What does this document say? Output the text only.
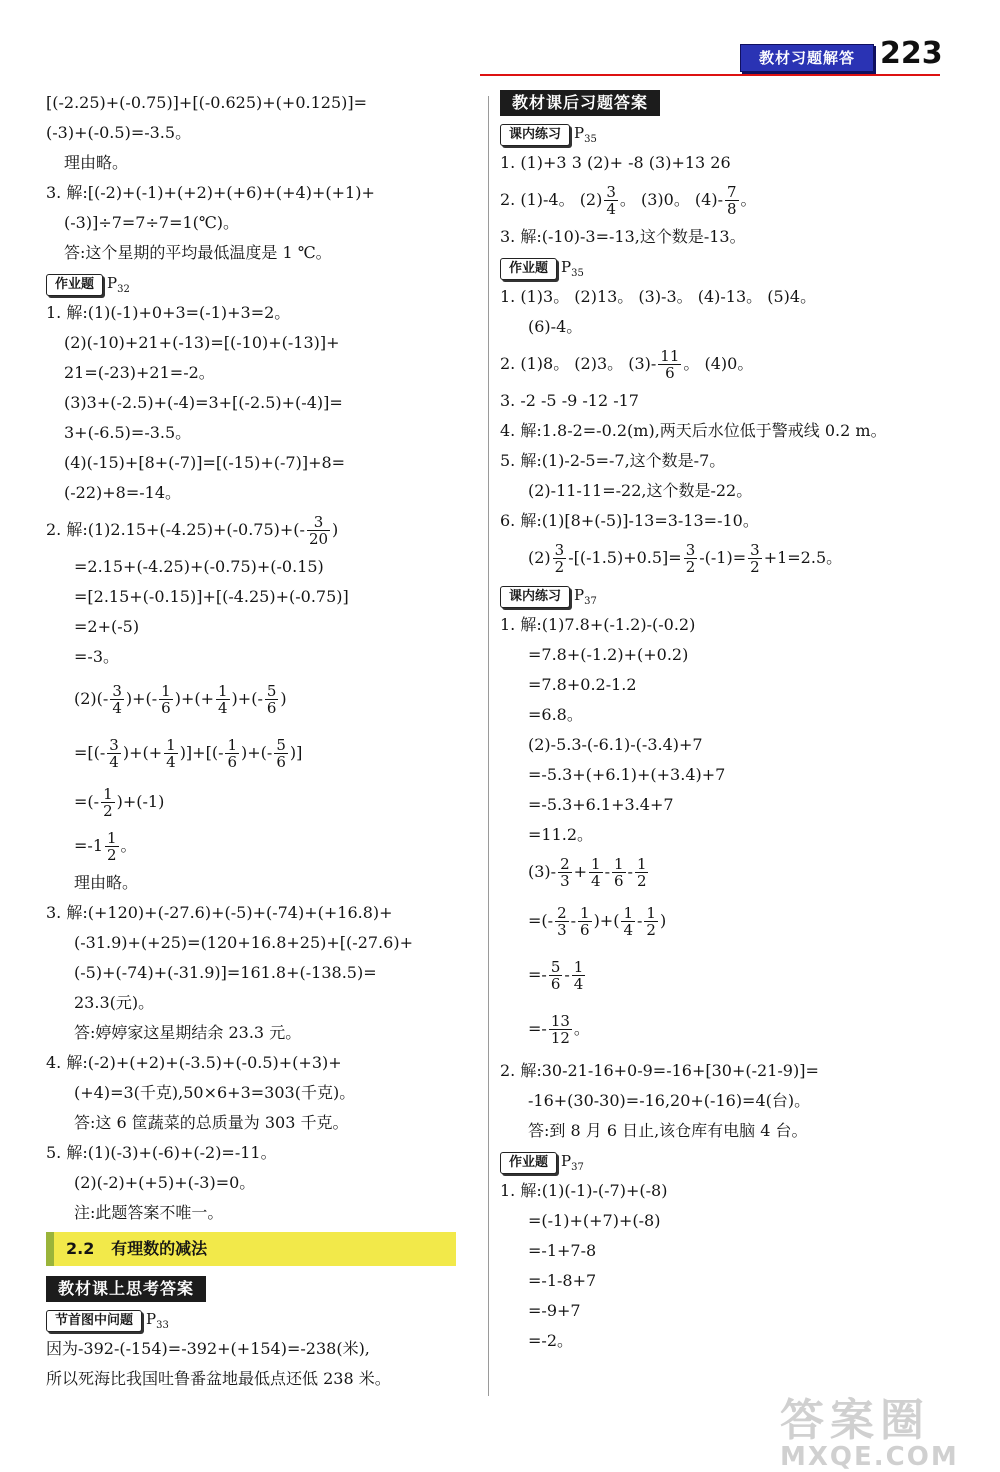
教材习题解答 223
[(-2.25)+(-0.75)]+[(-0.625)+(+0.125)]=
(-3)+(-0.5)=-3.5。
理由略。
3. 解:[(-2)+(-1)+(+2)+(+6)+(+4)+(+1)+
(-3)]÷7=7÷7=1(℃)。
答:这个星期的平均最低温度是 1 ℃。
作业题 $P_{32}$
1. 解:(1)(-1)+0+3=(-1)+3=2。
(2)(-10)+21+(-13)=[(-10)+(-13)]+
21=(-23)+21=-2。
(3)3+(-2.5)+(-4)=3+[(-2.5)+(-4)]=
3+(-6.5)=-3.5。
(4)(-15)+[8+(-7)]=[(-15)+(-7)]+8=
(-22)+8=-14。
2. 解:(1)2.15+(-4.25)+(-0.75)+(- $\frac{3}{20}$ )
=2.15+(-4.25)+(-0.75)+(-0.15)
=[2.15+(-0.15)]+[(-4.25)+(-0.75)]
=2+(-5)
=-3。
$(2)(- \frac{3}{4}$ )+(- $\frac{1}{6}$ )+(+ $\frac{1}{4}$ )+(- $\frac{5}{6}$ )
=[(- $\frac{3}{4}$ )+(+ $\frac{1}{4}$ )]+[(- $\frac{1}{6}$ )+(- $\frac{5}{6}$ )]
=(- $\frac{1}{2} )+(-1)$
$=-1 \frac{1}{2}$ 。
理由略。
3. 解:(+120)+(-27.6)+(-5)+(-74)+(+16.8)+
(-31.9)+(+25)=(120+16.8+25)+[(-27.6)+
(-5)+(-74)+(-31.9)]=161.8+(-138.5)=
23.3(元)。
答:婷婷家这星期结余 23.3 元。
4. 解:(-2)+(+2)+(-3.5)+(-0.5)+(+3)+
(+4)=3(千克),50×6+3=303(千克)。
答:这 6 筐蔬菜的总质量为 303 千克。
5. 解:(1)(-3)+(-6)+(-2)=-11。
(2)(-2)+(+5)+(-3)=0。
注:此题答案不唯一。
2.2 有理数的减法
教材课上思考答案
节首图中问题 $P_{33}$
因为-392-(-154)=-392+(+154)=-238(米),
所以死海比我国吐鲁番盆地最低点还低 238 米。
教材课后习题答案
课内练习 $P_{35}$
1. (1)+3 3 (2)+ -8 (3)+13 26
2. (1)-4。 $(2) \frac{3}{4}$ 。 (3)0。 $(4)- \frac{7}{8}$ 。
3. 解:(-10)-3=-13,这个数是-13。
作业题 $P_{35}$
1. (1)3。 (2)13。 (3)-3。 (4)-13。 (5)4。
(6)-4。
2. (1)8。 (2)3。 $(3)- \frac{11}{6}$ 。 (4)0。
3. -2 -5 -9 -12 -17
4. 解:1.8-2=-0.2(m),两天后水位低于警戒线 0.2 m。
5. 解:(1)-2-5=-7,这个数是-7。
(2)-11-11=-22,这个数是-22。
6. 解:(1)[8+(-5)]-13=3-13=-10。
$(2) \frac{3}{2} -[(-1.5)+0.5]= \frac{3}{2} -(-1)= \frac{3}{2} +1=2.5$。
课内练习 $P_{37}$
1. 解:(1)7.8+(-1.2)-(-0.2)
=7.8+(-1.2)+(+0.2)
=7.8+0.2-1.2
=6.8。
(2)-5.3-(-6.1)-(-3.4)+7
=-5.3+(+6.1)+(+3.4)+7
=-5.3+6.1+3.4+7
=11.2。
$(3)- \frac{2}{3} + \frac{1}{4} - \frac{1}{6} - \frac{1}{2}$
=(- $\frac{2}{3} - \frac{1}{6}$ )+( $\frac{1}{4} - \frac{1}{2}$ )
=- $\frac{5}{6} - \frac{1}{4}$
=- $\frac{13}{12}$ 。
2. 解:30-21-16+0-9=-16+[30+(-21-9)]=
-16+(30-30)=-16,20+(-16)=4(台)。
答:到 8 月 6 日止,该仓库有电脑 4 台。
作业题 $P_{37}$
1. 解:(1)(-1)-(-7)+(-8)
=(-1)+(+7)+(-8)
=-1+7-8
=-1-8+7
=-9+7
=-2。
答案圈
MXQE.COM
